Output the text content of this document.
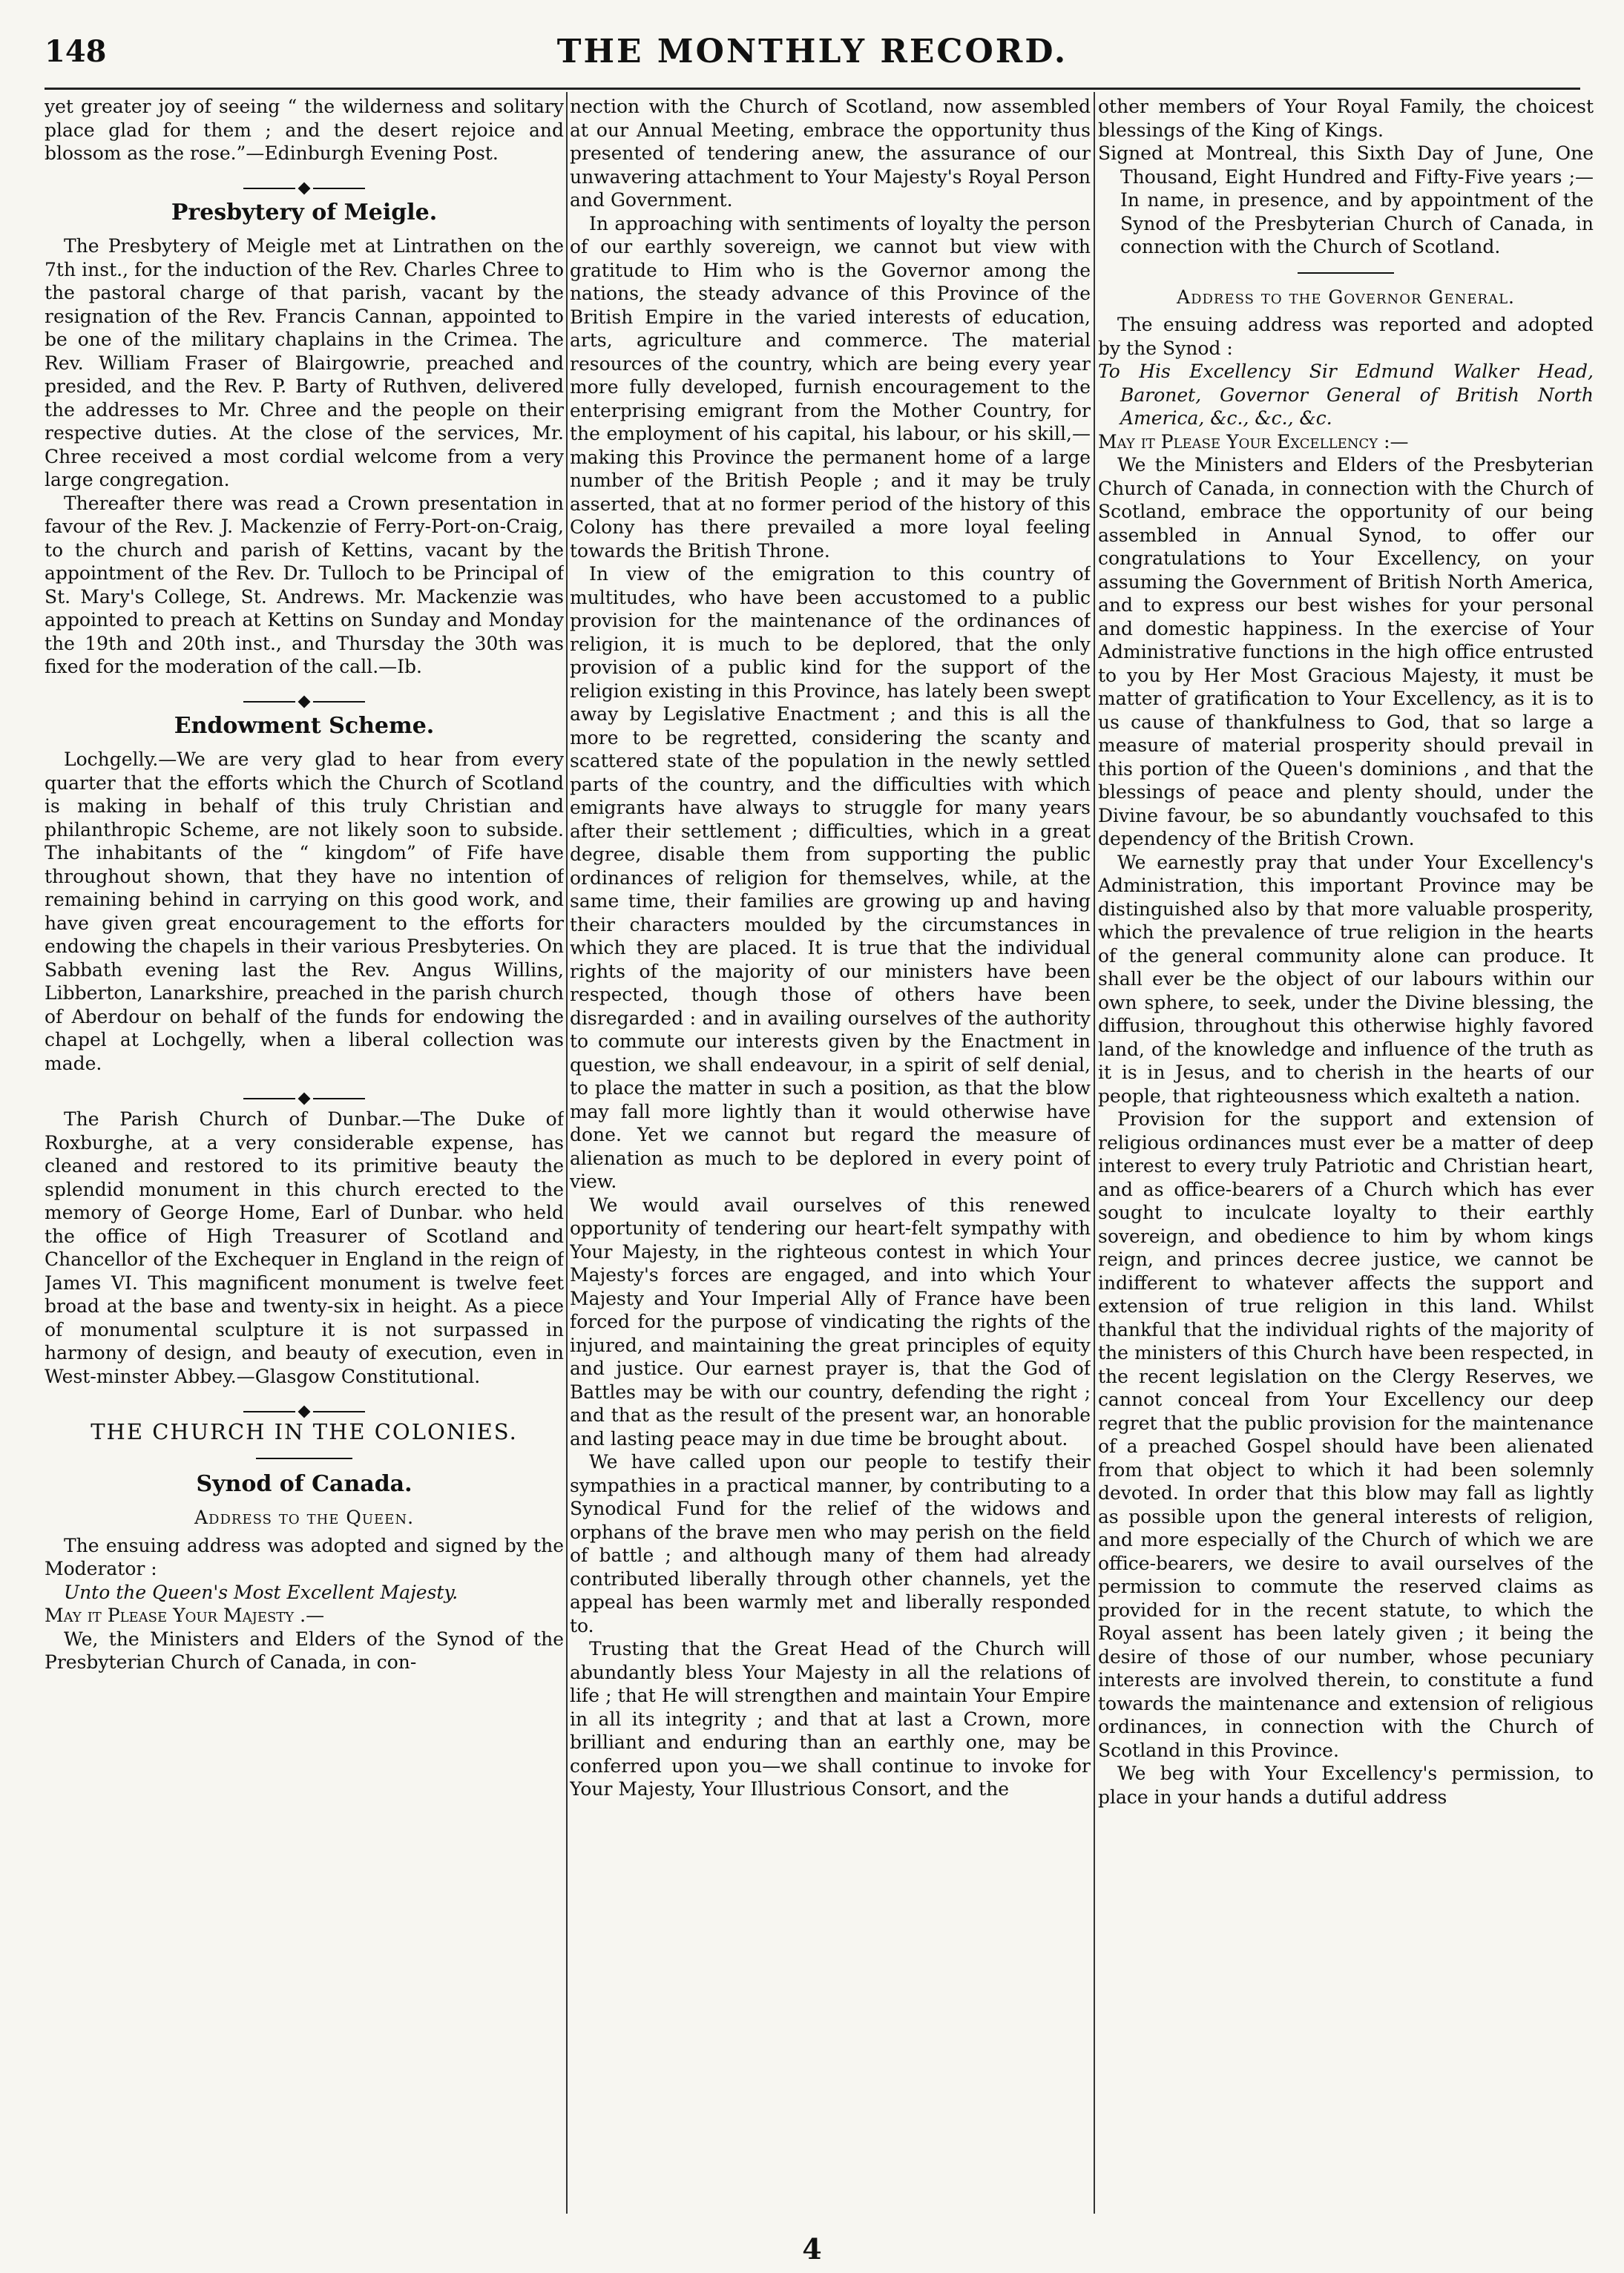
148	THE MONTHLY RECORD.

yet greater joy of seeing “ the wilderness and solitary place glad for them ; and the desert rejoice and blossom as the rose.”—Edinburgh Evening Post.

Presbytery of Meigle.

The Presbytery of Meigle met at Lintrathen on the 7th inst., for the induction of the Rev. Charles Chree to the pastoral charge of that parish, vacant by the resignation of the Rev. Francis Cannan, appointed to be one of the military chaplains in the Crimea. The Rev. William Fraser of Blairgowrie, preached and presided, and the Rev. P. Barty of Ruthven, delivered the addresses to Mr. Chree and the people on their respective duties. At the close of the services, Mr. Chree received a most cordial welcome from a very large congregation.

Thereafter there was read a Crown presentation in favour of the Rev. J. Mackenzie of Ferry-Port-on-Craig, to the church and parish of Kettins, vacant by the appointment of the Rev. Dr. Tulloch to be Principal of St. Mary's College, St. Andrews. Mr. Mackenzie was appointed to preach at Kettins on Sunday and Monday the 19th and 20th inst., and Thursday the 30th was fixed for the moderation of the call.—Ib.

Endowment Scheme.

Lochgelly.—We are very glad to hear from every quarter that the efforts which the Church of Scotland is making in behalf of this truly Christian and philanthropic Scheme, are not likely soon to subside. The inhabitants of the “ kingdom” of Fife have throughout shown, that they have no intention of remaining behind in carrying on this good work, and have given great encouragement to the efforts for endowing the chapels in their various Presbyteries. On Sabbath evening last the Rev. Angus Willins, Libberton, Lanarkshire, preached in the parish church of Aberdour on behalf of the funds for endowing the chapel at Lochgelly, when a liberal collection was made.

The Parish Church of Dunbar.—The Duke of Roxburghe, at a very considerable expense, has cleaned and restored to its primitive beauty the splendid monument in this church erected to the memory of George Home, Earl of Dunbar. who held the office of High Treasurer of Scotland and Chancellor of the Exchequer in England in the reign of James VI. This magnificent monument is twelve feet broad at the base and twenty-six in height. As a piece of monumental sculpture it is not surpassed in harmony of design, and beauty of execution, even in West-minster Abbey.—Glasgow Constitutional.

THE CHURCH IN THE COLONIES.
Synod of Canada.
Address to the Queen.

The ensuing address was adopted and signed by the Moderator :

Unto the Queen's Most Excellent Majesty.

May it Please Your Majesty .—

We, the Ministers and Elders of the Synod of the Presbyterian Church of Canada, in con-

nection with the Church of Scotland, now assembled at our Annual Meeting, embrace the opportunity thus presented of tendering anew, the assurance of our unwavering attachment to Your Majesty's Royal Person and Government.

In approaching with sentiments of loyalty the person of our earthly sovereign, we cannot but view with gratitude to Him who is the Governor among the nations, the steady advance of this Province of the British Empire in the varied interests of education, arts, agriculture and commerce. The material resources of the country, which are being every year more fully developed, furnish encouragement to the enterprising emigrant from the Mother Country, for the employment of his capital, his labour, or his skill,—making this Province the permanent home of a large number of the British People ; and it may be truly asserted, that at no former period of the history of this Colony has there prevailed a more loyal feeling towards the British Throne.

In view of the emigration to this country of multitudes, who have been accustomed to a public provision for the maintenance of the ordinances of religion, it is much to be deplored, that the only provision of a public kind for the support of the religion existing in this Province, has lately been swept away by Legislative Enactment ; and this is all the more to be regretted, considering the scanty and scattered state of the population in the newly settled parts of the country, and the difficulties with which emigrants have always to struggle for many years after their settlement ; difficulties, which in a great degree, disable them from supporting the public ordinances of religion for themselves, while, at the same time, their families are growing up and having their characters moulded by the circumstances in which they are placed. It is true that the individual rights of the majority of our ministers have been respected, though those of others have been disregarded : and in availing ourselves of the authority to commute our interests given by the Enactment in question, we shall endeavour, in a spirit of self denial, to place the matter in such a position, as that the blow may fall more lightly than it would otherwise have done. Yet we cannot but regard the measure of alienation as much to be deplored in every point of view.

We would avail ourselves of this renewed opportunity of tendering our heart-felt sympathy with Your Majesty, in the righteous contest in which Your Majesty's forces are engaged, and into which Your Majesty and Your Imperial Ally of France have been forced for the purpose of vindicating the rights of the injured, and maintaining the great principles of equity and justice. Our earnest prayer is, that the God of Battles may be with our country, defending the right ; and that as the result of the present war, an honorable and lasting peace may in due time be brought about.

We have called upon our people to testify their sympathies in a practical manner, by contributing to a Synodical Fund for the relief of the widows and orphans of the brave men who may perish on the field of battle ; and although many of them had already contributed liberally through other channels, yet the appeal has been warmly met and liberally responded to.

Trusting that the Great Head of the Church will abundantly bless Your Majesty in all the relations of life ; that He will strengthen and maintain Your Empire in all its integrity ; and that at last a Crown, more brilliant and enduring than an earthly one, may be conferred upon you—we shall continue to invoke for Your Majesty, Your Illustrious Consort, and the

other members of Your Royal Family, the choicest blessings of the King of Kings.

Signed at Montreal, this Sixth Day of June, One Thousand, Eight Hundred and Fifty-Five years ;—In name, in presence, and by appointment of the Synod of the Presbyterian Church of Canada, in connection with the Church of Scotland.

Address to the Governor General.

The ensuing address was reported and adopted by the Synod :

To His Excellency Sir Edmund Walker Head, Baronet, Governor General of British North America, &c., &c., &c.

May it Please Your Excellency :—

We the Ministers and Elders of the Presbyterian Church of Canada, in connection with the Church of Scotland, embrace the opportunity of our being assembled in Annual Synod, to offer our congratulations to Your Excellency, on your assuming the Government of British North America, and to express our best wishes for your personal and domestic happiness. In the exercise of Your Administrative functions in the high office entrusted to you by Her Most Gracious Majesty, it must be matter of gratification to Your Excellency, as it is to us cause of thankfulness to God, that so large a measure of material prosperity should prevail in this portion of the Queen's dominions , and that the blessings of peace and plenty should, under the Divine favour, be so abundantly vouchsafed to this dependency of the British Crown.

We earnestly pray that under Your Excellency's Administration, this important Province may be distinguished also by that more valuable prosperity, which the prevalence of true religion in the hearts of the general community alone can produce. It shall ever be the object of our labours within our own sphere, to seek, under the Divine blessing, the diffusion, throughout this otherwise highly favored land, of the knowledge and influence of the truth as it is in Jesus, and to cherish in the hearts of our people, that righteousness which exalteth a nation.

Provision for the support and extension of religious ordinances must ever be a matter of deep interest to every truly Patriotic and Christian heart, and as office-bearers of a Church which has ever sought to inculcate loyalty to their earthly sovereign, and obedience to him by whom kings reign, and princes decree justice, we cannot be indifferent to whatever affects the support and extension of true religion in this land. Whilst thankful that the individual rights of the majority of the ministers of this Church have been respected, in the recent legislation on the Clergy Reserves, we cannot conceal from Your Excellency our deep regret that the public provision for the maintenance of a preached Gospel should have been alienated from that object to which it had been solemnly devoted. In order that this blow may fall as lightly as possible upon the general interests of religion, and more especially of the Church of which we are office-bearers, we desire to avail ourselves of the permission to commute the reserved claims as provided for in the recent statute, to which the Royal assent has been lately given ; it being the desire of those of our number, whose pecuniary interests are involved therein, to constitute a fund towards the maintenance and extension of religious ordinances, in connection with the Church of Scotland in this Province.

We beg with Your Excellency's permission, to place in your hands a dutiful address

4
